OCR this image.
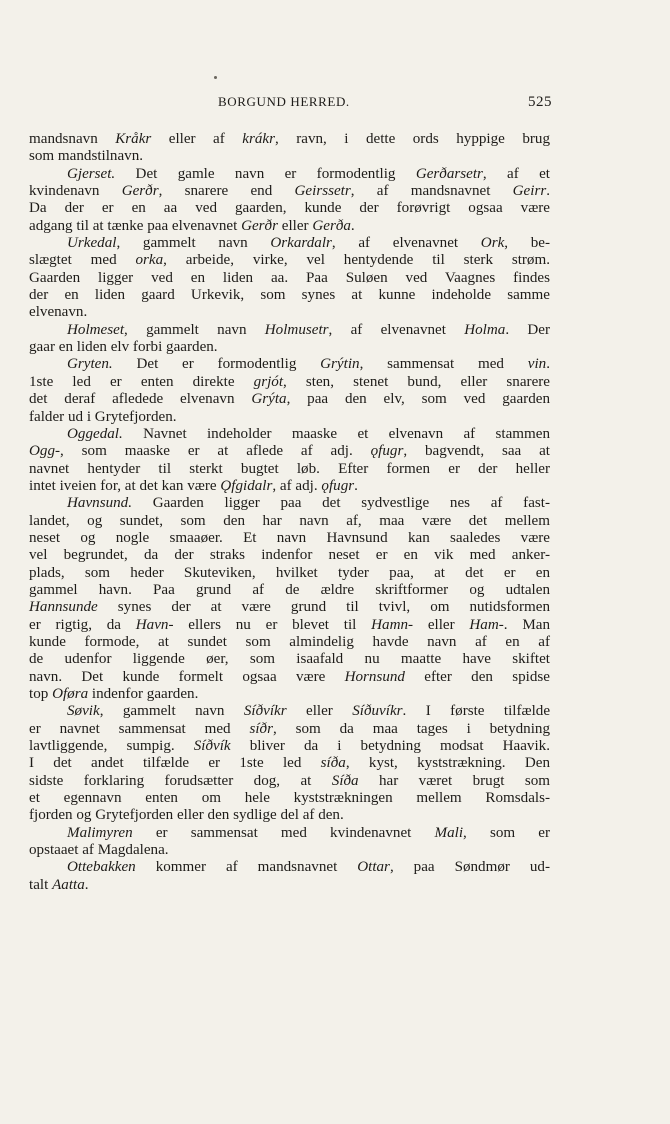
BORGUND HERRED.	525
mandsnavn Kråkr eller af krákr, ravn, i dette ords hyppige brug
som mandstilnavn.
Gjerset. Det gamle navn er formodentlig Gerðarsetr, af et
kvindenavn Gerðr, snarere end Geirssetr, af mandsnavnet Geirr.
Da der er en aa ved gaarden, kunde der forøvrigt ogsaa være
adgang til at tænke paa elvenavnet Gerðr eller Gerða.
Urkedal, gammelt navn Orkardalr, af elvenavnet Ork, be-
slægtet med orka, arbeide, virke, vel hentydende til sterk strøm.
Gaarden ligger ved en liden aa. Paa Suløen ved Vaagnes findes
der en liden gaard Urkevik, som synes at kunne indeholde samme
elvenavn.
Holmeset, gammelt navn Holmusetr, af elvenavnet Holma. Der
gaar en liden elv forbi gaarden.
Gryten. Det er formodentlig Grýtin, sammensat med vin.
1ste led er enten direkte grjót, sten, stenet bund, eller snarere
det deraf afledede elvenavn Grýta, paa den elv, som ved gaarden
falder ud i Grytefjorden.
Oggedal. Navnet indeholder maaske et elvenavn af stammen
Ogg-, som maaske er at aflede af adj. ǫfugr, bagvendt, saa at
navnet hentyder til sterkt bugtet løb. Efter formen er der heller
intet iveien for, at det kan være Ǫfgidalr, af adj. ǫfugr.
Havnsund. Gaarden ligger paa det sydvestlige nes af fast-
landet, og sundet, som den har navn af, maa være det mellem
neset og nogle smaaøer. Et navn Havnsund kan saaledes være
vel begrundet, da der straks indenfor neset er en vik med anker-
plads, som heder Skuteviken, hvilket tyder paa, at det er en
gammel havn. Paa grund af de ældre skriftformer og udtalen
Hannsunde synes der at være grund til tvivl, om nutidsformen
er rigtig, da Havn- ellers nu er blevet til Hamn- eller Ham-. Man
kunde formode, at sundet som almindelig havde navn af en af
de udenfor liggende øer, som isaafald nu maatte have skiftet
navn. Det kunde formelt ogsaa være Hornsund efter den spidse
top Oføra indenfor gaarden.
Søvik, gammelt navn Síðvíkr eller Síðuvíkr. I første tilfælde
er navnet sammensat med síðr, som da maa tages i betydning
lavtliggende, sumpig. Síðvík bliver da i betydning modsat Haavik.
I det andet tilfælde er 1ste led síða, kyst, kyststrækning. Den
sidste forklaring forudsætter dog, at Síða har været brugt som
et egennavn enten om hele kyststrækningen mellem Romsdals-
fjorden og Grytefjorden eller den sydlige del af den.
Malimyren er sammensat med kvindenavnet Mali, som er
opstaaet af Magdalena.
Ottebakken kommer af mandsnavnet Ottar, paa Søndmør ud-
talt Aatta.
